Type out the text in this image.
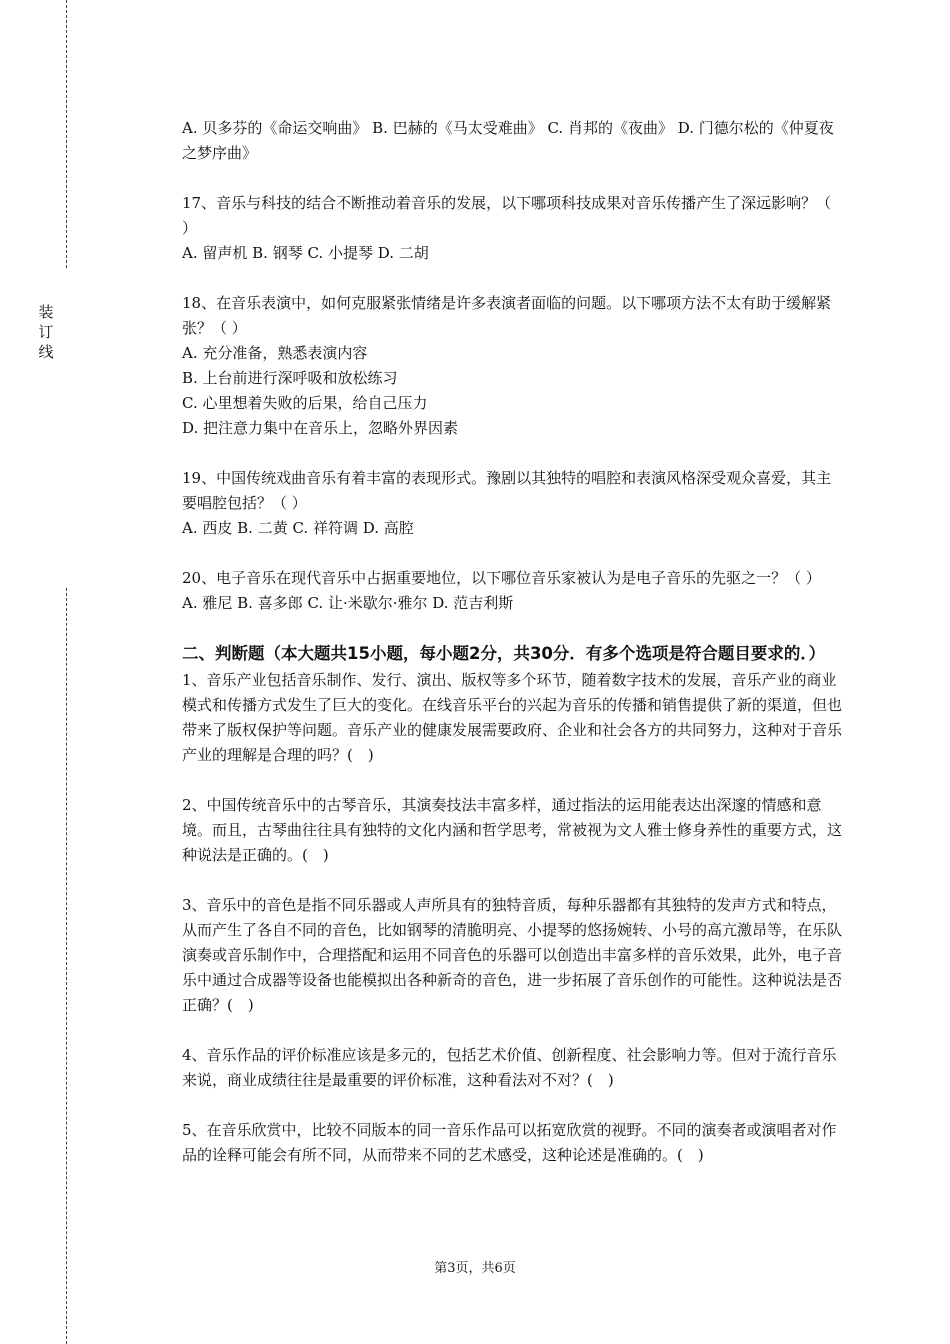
装
订
线

A. 贝多芬的《命运交响曲》 B. 巴赫的《马太受难曲》 C. 肖邦的《夜曲》 D. 门德尔松的《仲夏夜之梦序曲》

17、音乐与科技的结合不断推动着音乐的发展，以下哪项科技成果对音乐传播产生了深远影响？（ ）

A. 留声机 B. 钢琴 C. 小提琴 D. 二胡

18、在音乐表演中，如何克服紧张情绪是许多表演者面临的问题。以下哪项方法不太有助于缓解紧张？（ ）

A. 充分准备，熟悉表演内容

B. 上台前进行深呼吸和放松练习

C. 心里想着失败的后果，给自己压力

D. 把注意力集中在音乐上，忽略外界因素

19、中国传统戏曲音乐有着丰富的表现形式。豫剧以其独特的唱腔和表演风格深受观众喜爱，其主要唱腔包括？（ ）

A. 西皮 B. 二黄 C. 祥符调 D. 高腔

20、电子音乐在现代音乐中占据重要地位，以下哪位音乐家被认为是电子音乐的先驱之一？（ ）

A. 雅尼 B. 喜多郎 C. 让·米歇尔·雅尔 D. 范吉利斯

二、判断题（本大题共15小题，每小题2分，共30分．有多个选项是符合题目要求的．）

1、音乐产业包括音乐制作、发行、演出、版权等多个环节，随着数字技术的发展，音乐产业的商业模式和传播方式发生了巨大的变化。在线音乐平台的兴起为音乐的传播和销售提供了新的渠道，但也带来了版权保护等问题。音乐产业的健康发展需要政府、企业和社会各方的共同努力，这种对于音乐产业的理解是合理的吗？(　)

2、中国传统音乐中的古琴音乐，其演奏技法丰富多样，通过指法的运用能表达出深邃的情感和意境。而且，古琴曲往往具有独特的文化内涵和哲学思考，常被视为文人雅士修身养性的重要方式，这种说法是正确的。(　)

3、音乐中的音色是指不同乐器或人声所具有的独特音质，每种乐器都有其独特的发声方式和特点，从而产生了各自不同的音色，比如钢琴的清脆明亮、小提琴的悠扬婉转、小号的高亢激昂等，在乐队演奏或音乐制作中，合理搭配和运用不同音色的乐器可以创造出丰富多样的音乐效果，此外，电子音乐中通过合成器等设备也能模拟出各种新奇的音色，进一步拓展了音乐创作的可能性。这种说法是否正确？(　)

4、音乐作品的评价标准应该是多元的，包括艺术价值、创新程度、社会影响力等。但对于流行音乐来说，商业成绩往往是最重要的评价标准，这种看法对不对？(　)

5、在音乐欣赏中，比较不同版本的同一音乐作品可以拓宽欣赏的视野。不同的演奏者或演唱者对作品的诠释可能会有所不同，从而带来不同的艺术感受，这种论述是准确的。(　)

第3页，共6页
